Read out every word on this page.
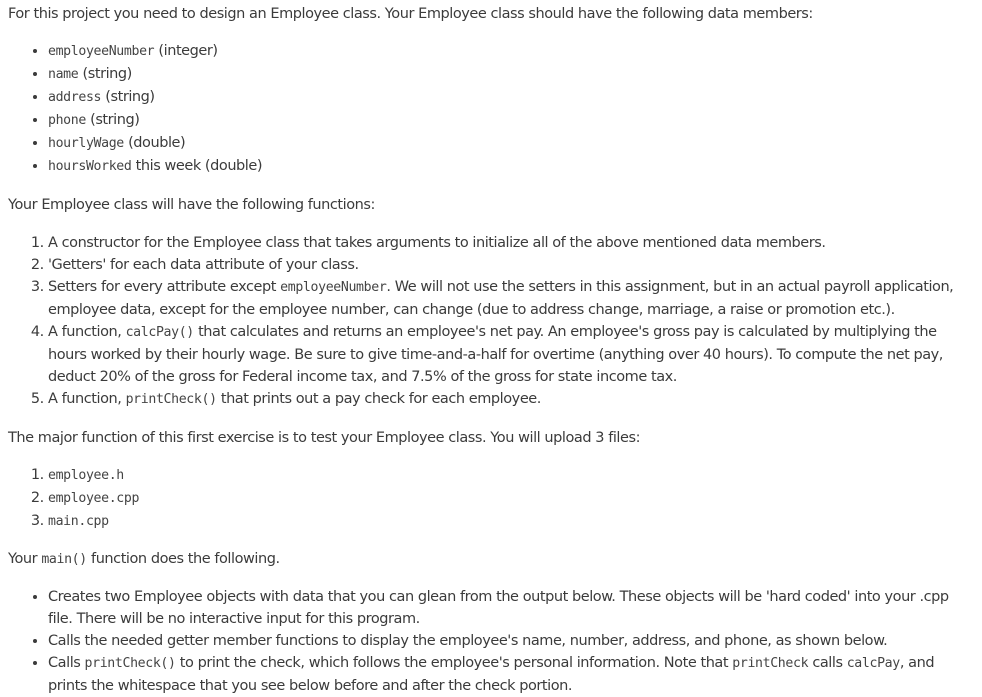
For this project you need to design an Employee class. Your Employee class should have the following data members:

• employeeNumber (integer)
• name (string)
• address (string)
• phone (string)
• hourlyWage (double)
• hoursWorked this week (double)

Your Employee class will have the following functions:

1. A constructor for the Employee class that takes arguments to initialize all of the above mentioned data members.
2. 'Getters' for each data attribute of your class.
3. Setters for every attribute except employeeNumber. We will not use the setters in this assignment, but in an actual payroll application, employee data, except for the employee number, can change (due to address change, marriage, a raise or promotion etc.).
4. A function, calcPay() that calculates and returns an employee's net pay. An employee's gross pay is calculated by multiplying the hours worked by their hourly wage. Be sure to give time-and-a-half for overtime (anything over 40 hours). To compute the net pay, deduct 20% of the gross for Federal income tax, and 7.5% of the gross for state income tax.
5. A function, printCheck() that prints out a pay check for each employee.

The major function of this first exercise is to test your Employee class. You will upload 3 files:

1. employee.h
2. employee.cpp
3. main.cpp

Your main() function does the following.

• Creates two Employee objects with data that you can glean from the output below. These objects will be 'hard coded' into your .cpp file. There will be no interactive input for this program.
• Calls the needed getter member functions to display the employee's name, number, address, and phone, as shown below.
• Calls printCheck() to print the check, which follows the employee's personal information. Note that printCheck calls calcPay, and prints the whitespace that you see below before and after the check portion.
